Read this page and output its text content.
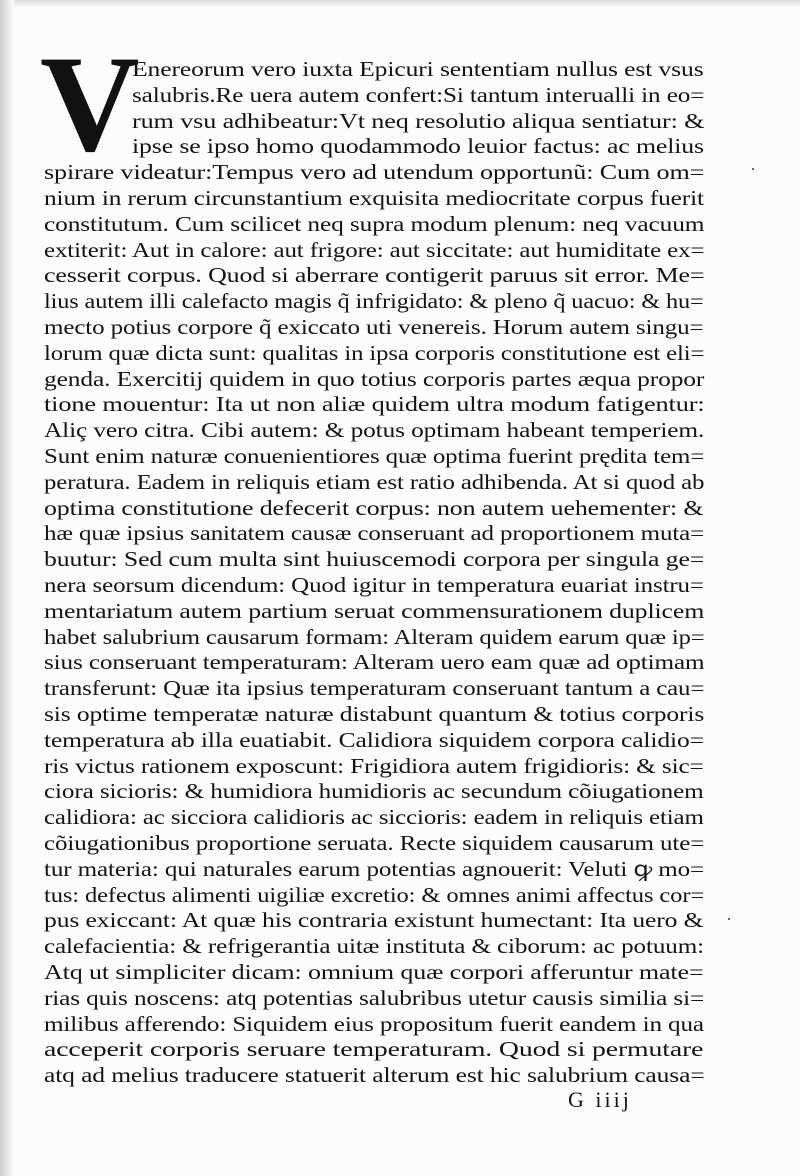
V
Enereorum vero iuxta Epicuri sententiam nullus est vsus
salubris.Re uera autem confert:Si tantum interualli in eo=
rum vsu adhibeatur:Vt neq resolutio aliqua sentiatur: &
ipse se ipso homo quodammodo leuior factus: ac melius
spirare videatur:Tempus vero ad utendum opportunũ: Cum om=
nium in rerum circunstantium exquisita mediocritate corpus fuerit
constitutum. Cum scilicet neq supra modum plenum: neq vacuum
extiterit: Aut in calore: aut frigore: aut siccitate: aut humiditate ex=
cesserit corpus. Quod si aberrare contigerit paruus sit error. Me=
lius autem illi calefacto magis q̃ infrigidato: & pleno q̃ uacuo: & hu=
mecto potius corpore q̃ exiccato uti venereis. Horum autem singu=
lorum quæ dicta sunt: qualitas in ipsa corporis constitutione est eli=
genda. Exercitij quidem in quo totius corporis partes æqua propor
tione mouentur: Ita ut non aliæ quidem ultra modum fatigentur:
Aliç vero citra. Cibi autem: & potus optimam habeant temperiem.
Sunt enim naturæ conuenientiores quæ optima fuerint prędita tem=
peratura. Eadem in reliquis etiam est ratio adhibenda. At si quod ab
optima constitutione defecerit corpus: non autem uehementer: &
hæ quæ ipsius sanitatem causæ conseruant ad proportionem muta=
buutur: Sed cum multa sint huiuscemodi corpora per singula ge=
nera seorsum dicendum: Quod igitur in temperatura euariat instru=
mentariatum autem partium seruat commensurationem duplicem
habet salubrium causarum formam: Alteram quidem earum quæ ip=
sius conseruant temperaturam: Alteram uero eam quæ ad optimam
transferunt: Quæ ita ipsius temperaturam conseruant tantum a cau=
sis optime temperatæ naturæ distabunt quantum & totius corporis
temperatura ab illa euatiabit. Calidiora siquidem corpora calidio=
ris victus rationem exposcunt: Frigidiora autem frigidioris: & sic=
ciora sicioris: & humidiora humidioris ac secundum cõiugationem
calidiora: ac sicciora calidioris ac siccioris: eadem in reliquis etiam
cõiugationibus proportione seruata. Recte siquidem causarum ute=
tur materia: qui naturales earum potentias agnouerit: Veluti ꝙ mo=
tus: defectus alimenti uigiliæ excretio: & omnes animi affectus cor=
pus exiccant: At quæ his contraria existunt humectant: Ita uero &
calefacientia: & refrigerantia uitæ instituta & ciborum: ac potuum:
Atq ut simpliciter dicam: omnium quæ corpori afferuntur mate=
rias quis noscens: atq potentias salubribus utetur causis similia si=
milibus afferendo: Siquidem eius propositum fuerit eandem in qua
acceperit corporis seruare temperaturam. Quod si permutare
atq ad melius traducere statuerit alterum est hic salubrium causa=
G iiij
